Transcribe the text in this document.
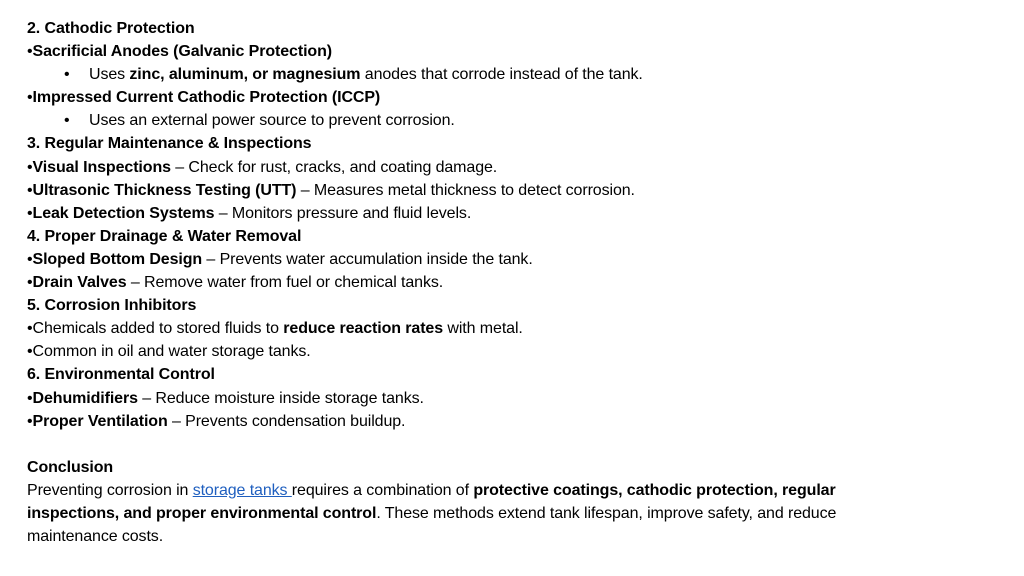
2. Cathodic Protection
•Sacrificial Anodes (Galvanic Protection)
• Uses zinc, aluminum, or magnesium anodes that corrode instead of the tank.
•Impressed Current Cathodic Protection (ICCP)
• Uses an external power source to prevent corrosion.
3. Regular Maintenance & Inspections
•Visual Inspections – Check for rust, cracks, and coating damage.
•Ultrasonic Thickness Testing (UTT) – Measures metal thickness to detect corrosion.
•Leak Detection Systems – Monitors pressure and fluid levels.
4. Proper Drainage & Water Removal
•Sloped Bottom Design – Prevents water accumulation inside the tank.
•Drain Valves – Remove water from fuel or chemical tanks.
5. Corrosion Inhibitors
•Chemicals added to stored fluids to reduce reaction rates with metal.
•Common in oil and water storage tanks.
6. Environmental Control
•Dehumidifiers – Reduce moisture inside storage tanks.
•Proper Ventilation – Prevents condensation buildup.
Conclusion
Preventing corrosion in storage tanks requires a combination of protective coatings, cathodic protection, regular inspections, and proper environmental control. These methods extend tank lifespan, improve safety, and reduce maintenance costs.
